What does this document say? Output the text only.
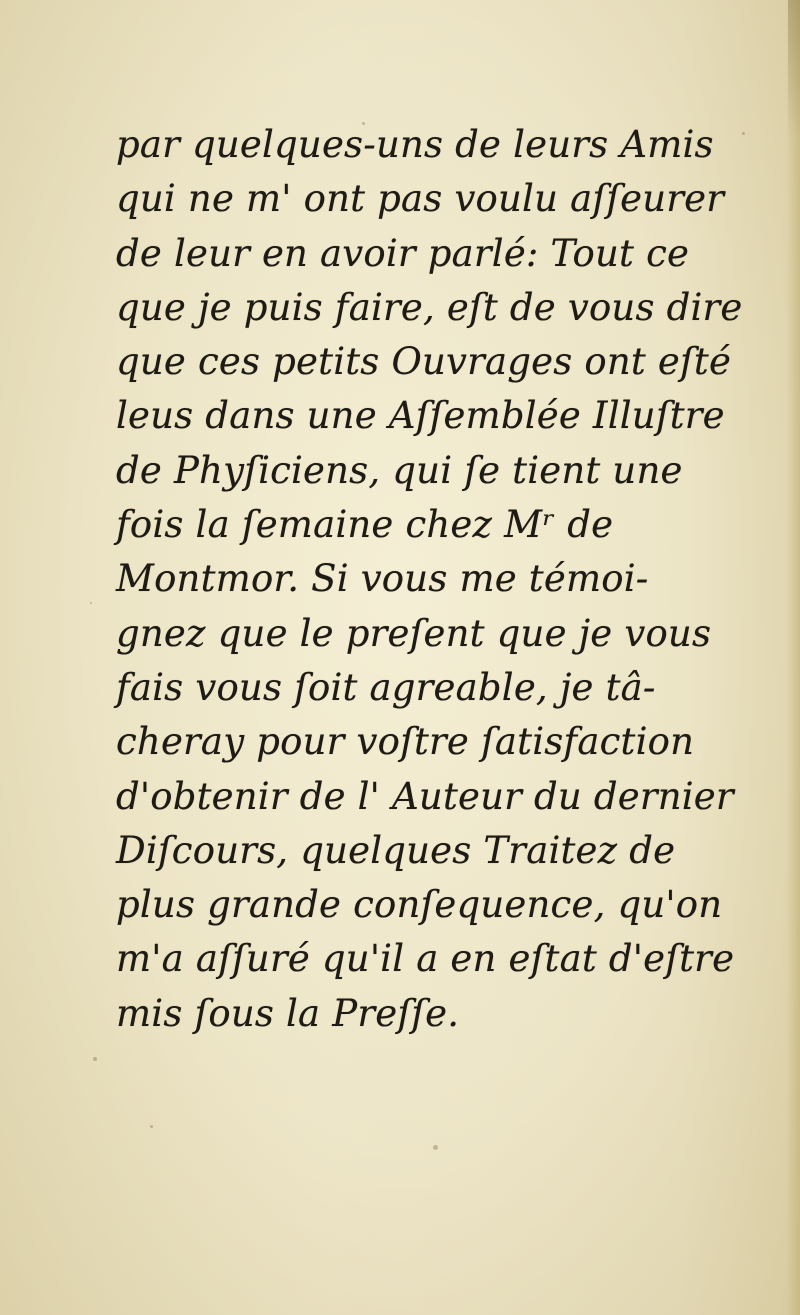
par quelques-uns de leurs Amis
qui ne m' ont pas voulu aſſeurer
de leur en avoir parlé: Tout ce
que je puis faire, eſt de vous dire
que ces petits Ouvrages ont eſté
leus dans une Aſſemblée Illuſtre
de Phyſiciens, qui ſe tient une
fois la ſemaine chez Mʳ de
Montmor. Si vous me témoi-
gnez que le preſent que je vous
fais vous ſoit agreable, je tâ-
cheray pour voſtre ſatisfaction
d'obtenir de l' Auteur du dernier
Diſcours, quelques Traitez de
plus grande conſequence, qu'on
m'a aſſuré qu'il a en eſtat d'eſtre
mis ſous la Preſſe.
